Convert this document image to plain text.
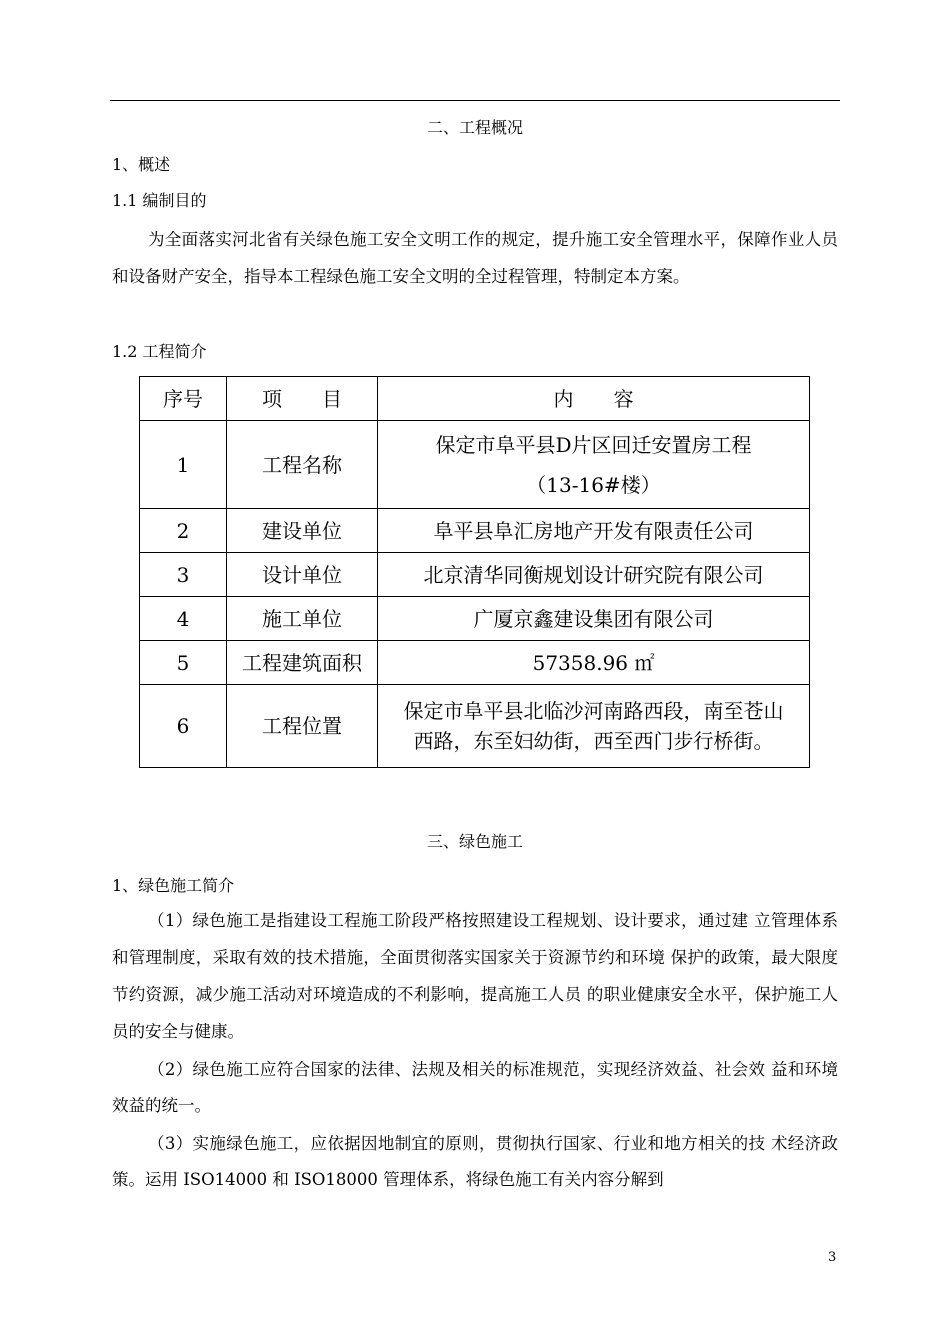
二、工程概况
1、概述
1.1 编制目的
为全面落实河北省有关绿色施工安全文明工作的规定，提升施工安全管理水平，保障作业人员和设备财产安全，指导本工程绿色施工安全文明的全过程管理，特制定本方案。
1.2 工程简介
序号	项　　目	内　　容
1	工程名称	保定市阜平县D片区回迁安置房工程
（13-16#楼）

2	建设单位	阜平县阜汇房地产开发有限责任公司
3	设计单位	北京清华同衡规划设计研究院有限公司
4	施工单位	广厦京鑫建设集团有限公司
5	工程建筑面积	57358.96 ㎡
6	工程位置	保定市阜平县北临沙河南路西段，南至苍山
西路，东至妇幼街，西至西门步行桥街。
三、绿色施工
1、绿色施工简介
（1）绿色施工是指建设工程施工阶段严格按照建设工程规划、设计要求，通过建 立管理体系和管理制度，采取有效的技术措施，全面贯彻落实国家关于资源节约和环境 保护的政策，最大限度节约资源，减少施工活动对环境造成的不利影响，提高施工人员 的职业健康安全水平，保护施工人员的安全与健康。
（2）绿色施工应符合国家的法律、法规及相关的标准规范，实现经济效益、社会效 益和环境效益的统一。
（3）实施绿色施工，应依据因地制宜的原则，贯彻执行国家、行业和地方相关的技 术经济政策。运用 ISO14000 和 ISO18000 管理体系，将绿色施工有关内容分解到
3
